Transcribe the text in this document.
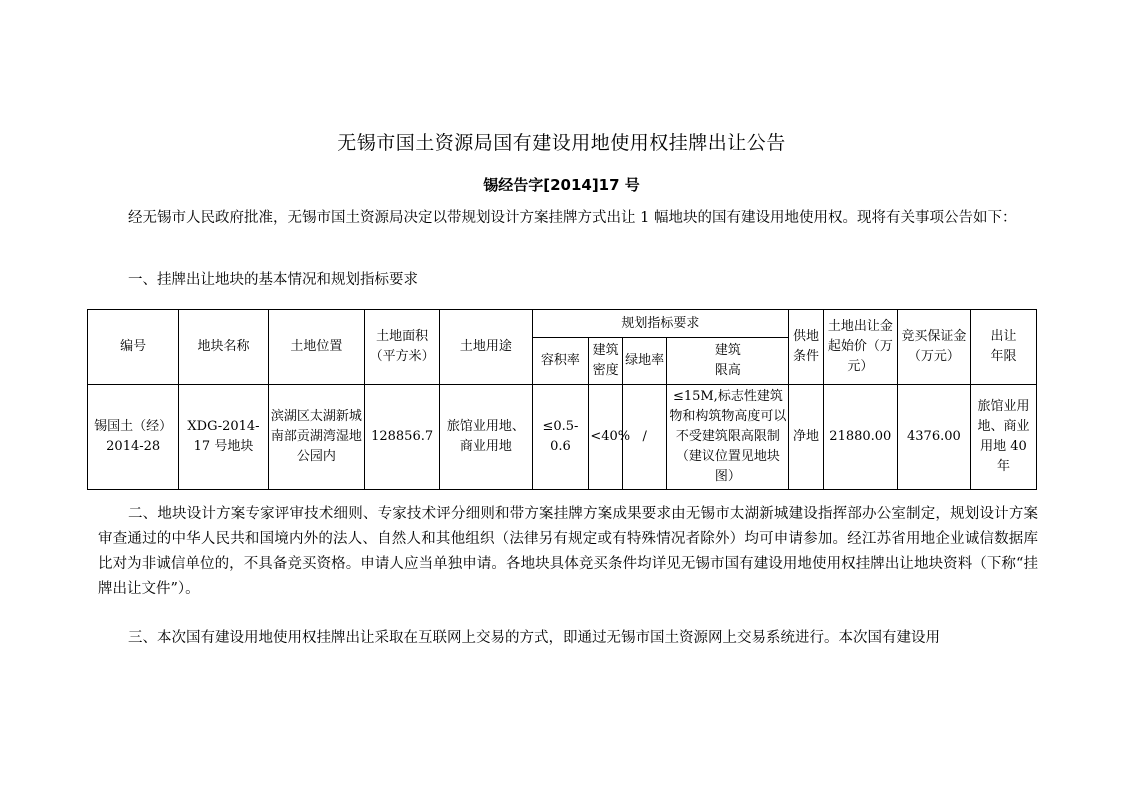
无锡市国土资源局国有建设用地使用权挂牌出让公告
锡经告字[2014]17 号
经无锡市人民政府批准，无锡市国土资源局决定以带规划设计方案挂牌方式出让 1 幅地块的国有建设用地使用权。现将有关事项公告如下：
一、挂牌出让地块的基本情况和规划指标要求
编号	地块名称	土地位置	土地面积（平方米）	土地用途	规划指标要求				供地条件	土地出让金起始价（万元）	竞买保证金（万元）	出让
年限
					容积率	建筑密度	绿地率	建筑
限高				
锡国土（经）2014-28	XDG-2014-17 号地块	滨湖区太湖新城南部贡湖湾湿地公园内	128856.7	旅馆业用地、商业用地	≤0.5-0.6	<40%	/	≤15M,标志性建筑物和构筑物高度可以不受建筑限高限制（建议位置见地块图）	净地	21880.00	4376.00	旅馆业用地、商业用地 40 年
二、地块设计方案专家评审技术细则、专家技术评分细则和带方案挂牌方案成果要求由无锡市太湖新城建设指挥部办公室制定，规划设计方案审查通过的中华人民共和国境内外的法人、自然人和其他组织（法律另有规定或有特殊情况者除外）均可申请参加。经江苏省用地企业诚信数据库比对为非诚信单位的，不具备竞买资格。申请人应当单独申请。各地块具体竞买条件均详见无锡市国有建设用地使用权挂牌出让地块资料（下称“挂牌出让文件”）。
三、本次国有建设用地使用权挂牌出让采取在互联网上交易的方式，即通过无锡市国土资源网上交易系统进行。本次国有建设用
